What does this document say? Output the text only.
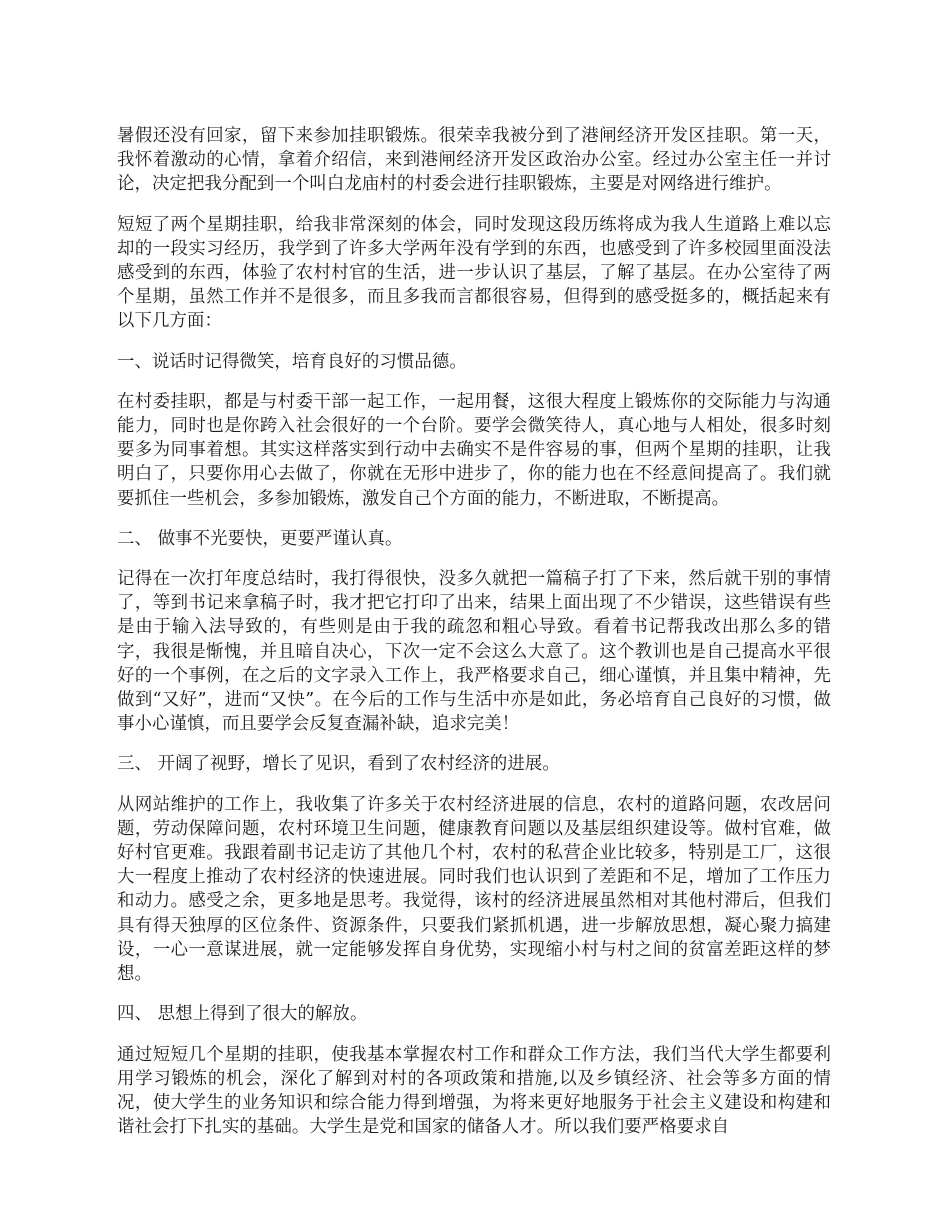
暑假还没有回家，留下来参加挂职锻炼。很荣幸我被分到了港闸经济开发区挂职。第一天，我怀着激动的心情，拿着介绍信，来到港闸经济开发区政治办公室。经过办公室主任一并讨论，决定把我分配到一个叫白龙庙村的村委会进行挂职锻炼，主要是对网络进行维护。

短短了两个星期挂职，给我非常深刻的体会，同时发现这段历练将成为我人生道路上难以忘却的一段实习经历，我学到了许多大学两年没有学到的东西，也感受到了许多校园里面没法感受到的东西，体验了农村村官的生活，进一步认识了基层，了解了基层。在办公室待了两个星期，虽然工作并不是很多，而且多我而言都很容易，但得到的感受挺多的，概括起来有以下几方面：

一、说话时记得微笑，培育良好的习惯品德。

在村委挂职，都是与村委干部一起工作，一起用餐，这很大程度上锻炼你的交际能力与沟通能力，同时也是你跨入社会很好的一个台阶。要学会微笑待人，真心地与人相处，很多时刻要多为同事着想。其实这样落实到行动中去确实不是件容易的事，但两个星期的挂职，让我明白了，只要你用心去做了，你就在无形中进步了，你的能力也在不经意间提高了。我们就要抓住一些机会，多参加锻炼，激发自己个方面的能力，不断进取，不断提高。

二、 做事不光要快，更要严谨认真。

记得在一次打年度总结时，我打得很快，没多久就把一篇稿子打了下来，然后就干别的事情了，等到书记来拿稿子时，我才把它打印了出来，结果上面出现了不少错误，这些错误有些是由于输入法导致的，有些则是由于我的疏忽和粗心导致。看着书记帮我改出那么多的错字，我很是惭愧，并且暗自决心，下次一定不会这么大意了。这个教训也是自己提高水平很好的一个事例，在之后的文字录入工作上，我严格要求自己，细心谨慎，并且集中精神，先做到“又好”，进而“又快”。在今后的工作与生活中亦是如此，务必培育自己良好的习惯，做事小心谨慎，而且要学会反复查漏补缺，追求完美！

三、 开阔了视野，增长了见识，看到了农村经济的进展。

从网站维护的工作上，我收集了许多关于农村经济进展的信息，农村的道路问题，农改居问题，劳动保障问题，农村环境卫生问题，健康教育问题以及基层组织建设等。做村官难，做好村官更难。我跟着副书记走访了其他几个村，农村的私营企业比较多，特别是工厂，这很大一程度上推动了农村经济的快速进展。同时我们也认识到了差距和不足，增加了工作压力和动力。感受之余，更多地是思考。我觉得，该村的经济进展虽然相对其他村滞后，但我们具有得天独厚的区位条件、资源条件，只要我们紧抓机遇，进一步解放思想，凝心聚力搞建设，一心一意谋进展，就一定能够发挥自身优势，实现缩小村与村之间的贫富差距这样的梦想。

四、 思想上得到了很大的解放。

通过短短几个星期的挂职，使我基本掌握农村工作和群众工作方法，我们当代大学生都要利用学习锻炼的机会，深化了解到对村的各项政策和措施,以及乡镇经济、社会等多方面的情况，使大学生的业务知识和综合能力得到增强，为将来更好地服务于社会主义建设和构建和谐社会打下扎实的基础。大学生是党和国家的储备人才。所以我们要严格要求自
